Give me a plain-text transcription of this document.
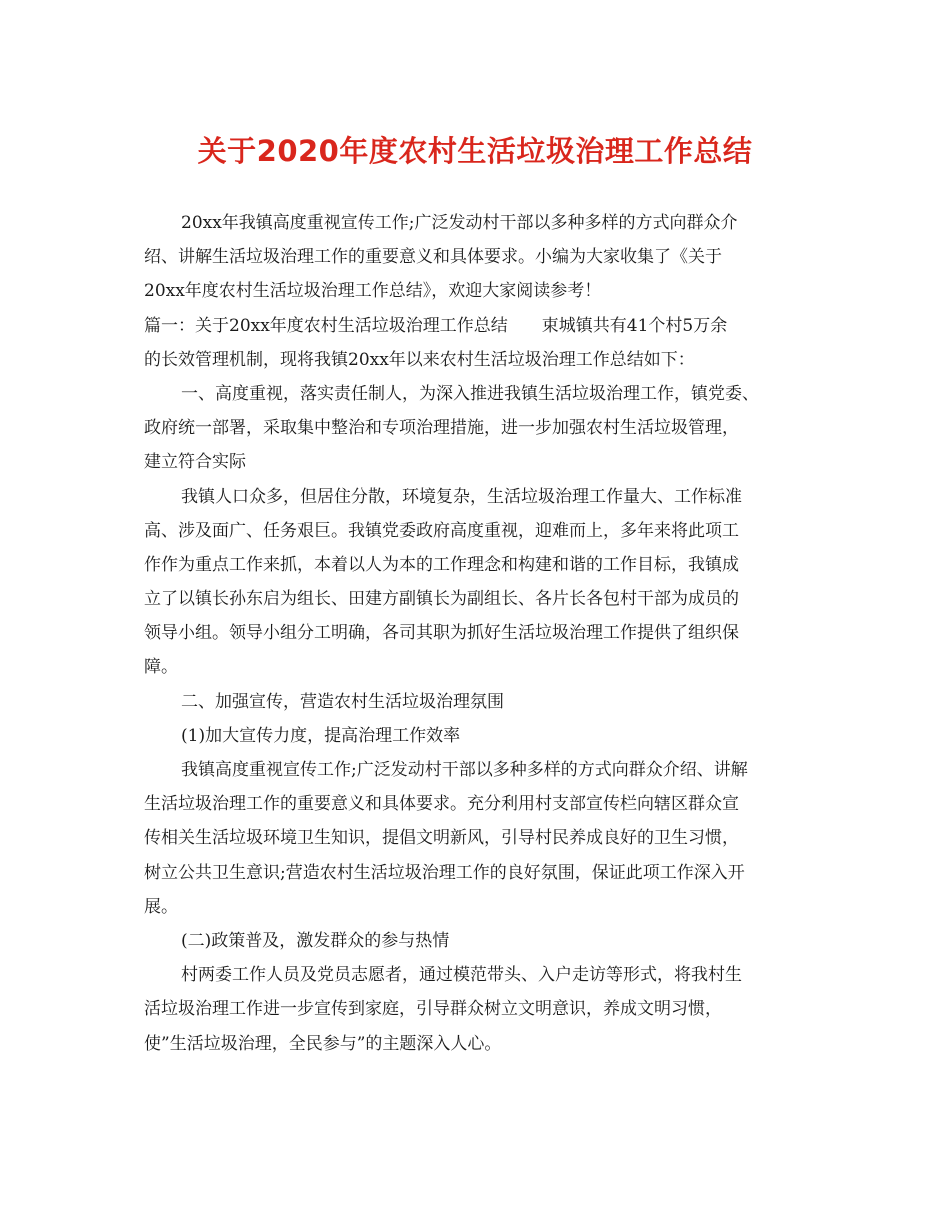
关于2020年度农村生活垃圾治理工作总结
20xx年我镇高度重视宣传工作;广泛发动村干部以多种多样的方式向群众介
绍、讲解生活垃圾治理工作的重要意义和具体要求。小编为大家收集了《关于
20xx年度农村生活垃圾治理工作总结》，欢迎大家阅读参考！
篇一：关于20xx年度农村生活垃圾治理工作总结　　束城镇共有41个村5万余
的长效管理机制，现将我镇20xx年以来农村生活垃圾治理工作总结如下：
一、高度重视，落实责任制人，为深入推进我镇生活垃圾治理工作，镇党委、
政府统一部署，采取集中整治和专项治理措施，进一步加强农村生活垃圾管理，
建立符合实际
我镇人口众多，但居住分散，环境复杂，生活垃圾治理工作量大、工作标准
高、涉及面广、任务艰巨。我镇党委政府高度重视，迎难而上，多年来将此项工
作作为重点工作来抓，本着以人为本的工作理念和构建和谐的工作目标，我镇成
立了以镇长孙东启为组长、田建方副镇长为副组长、各片长各包村干部为成员的
领导小组。领导小组分工明确，各司其职为抓好生活垃圾治理工作提供了组织保
障。
二、加强宣传，营造农村生活垃圾治理氛围
(1)加大宣传力度，提高治理工作效率
我镇高度重视宣传工作;广泛发动村干部以多种多样的方式向群众介绍、讲解
生活垃圾治理工作的重要意义和具体要求。充分利用村支部宣传栏向辖区群众宣
传相关生活垃圾环境卫生知识，提倡文明新风，引导村民养成良好的卫生习惯，
树立公共卫生意识;营造农村生活垃圾治理工作的良好氛围，保证此项工作深入开
展。
(二)政策普及，激发群众的参与热情
村两委工作人员及党员志愿者，通过模范带头、入户走访等形式，将我村生
活垃圾治理工作进一步宣传到家庭，引导群众树立文明意识，养成文明习惯，
使”生活垃圾治理，全民参与”的主题深入人心。
